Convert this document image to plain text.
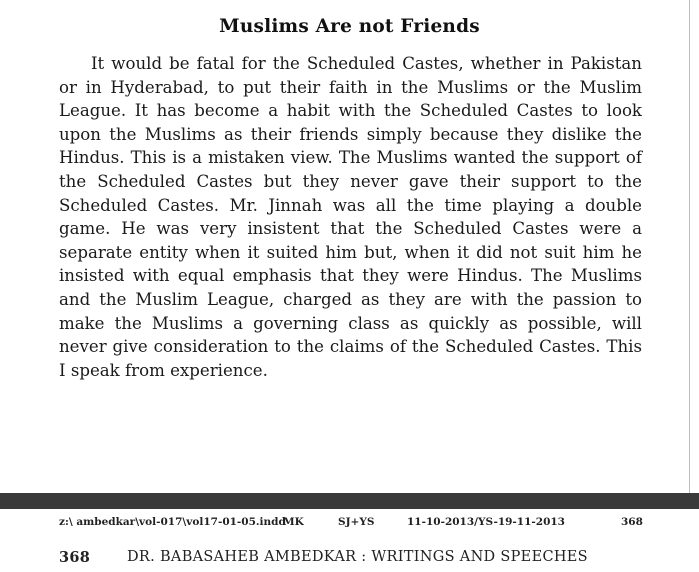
Muslims Are not Friends

It would be fatal for the Scheduled Castes, whether in Pakistan or in Hyderabad, to put their faith in the Muslims or the Muslim League. It has become a habit with the Scheduled Castes to look upon the Muslims as their friends simply because they dislike the Hindus. This is a mistaken view. The Muslims wanted the support of the Scheduled Castes but they never gave their support to the Scheduled Castes. Mr. Jinnah was all the time playing a double game. He was very insistent that the Scheduled Castes were a separate entity when it suited him but, when it did not suit him he insisted with equal emphasis that they were Hindus. The Muslims and the Muslim League, charged as they are with the passion to make the Muslims a governing class as quickly as possible, will never give consideration to the claims of the Scheduled Castes. This I speak from experience.

z:\ ambedkar\vol-017\vol17-01-05.indd
MK	SJ+YS	11-10-2013/YS-19-11-2013	368
368	DR. BABASAHEB AMBEDKAR : WRITINGS AND SPEECHES
